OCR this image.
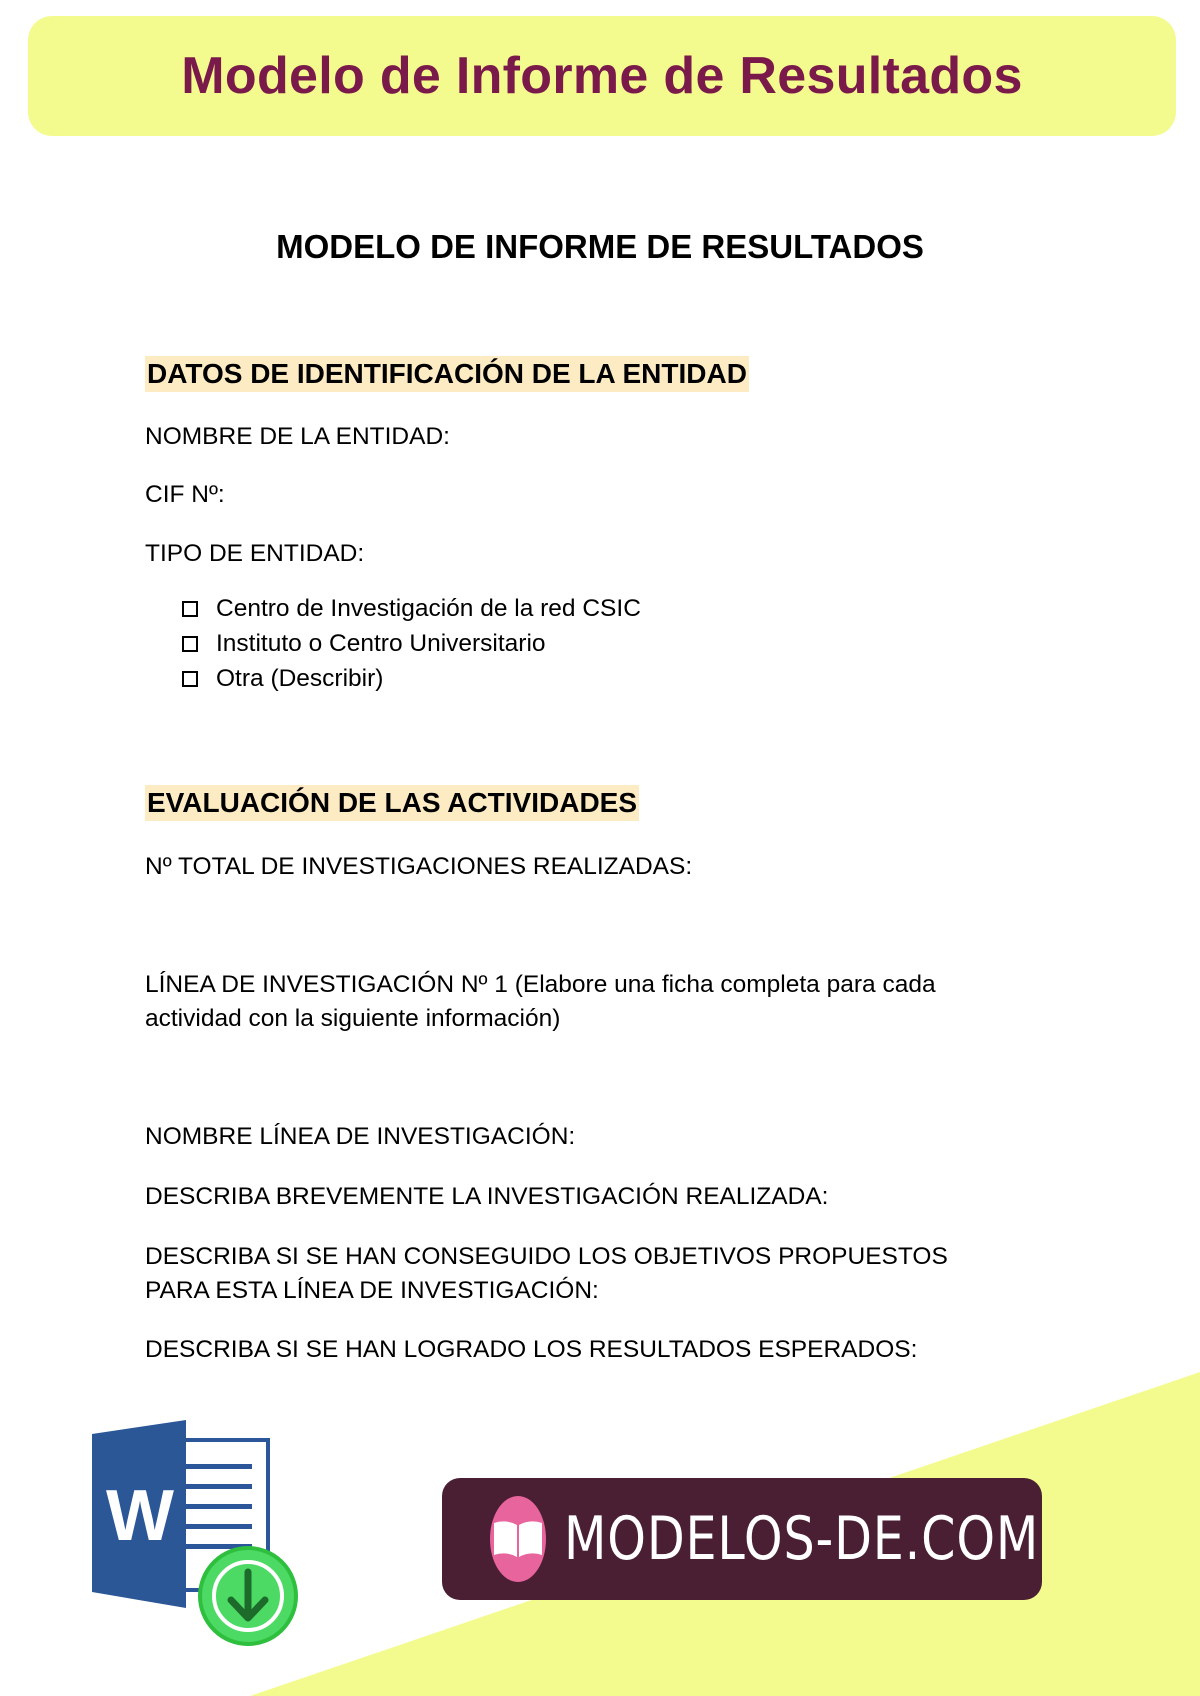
Modelo de Informe de Resultados
MODELO DE INFORME DE RESULTADOS
DATOS DE IDENTIFICACIÓN DE LA ENTIDAD
NOMBRE DE LA ENTIDAD:
CIF Nº:
TIPO DE ENTIDAD:
Centro de Investigación de la red CSIC
Instituto o Centro Universitario
Otra (Describir)
EVALUACIÓN DE LAS ACTIVIDADES
Nº TOTAL DE INVESTIGACIONES REALIZADAS:
LÍNEA DE INVESTIGACIÓN Nº 1 (Elabore una ficha completa para cada
actividad con la siguiente información)
NOMBRE LÍNEA DE INVESTIGACIÓN:
DESCRIBA BREVEMENTE LA INVESTIGACIÓN REALIZADA:
DESCRIBA SI SE HAN CONSEGUIDO LOS OBJETIVOS PROPUESTOS
PARA ESTA LÍNEA DE INVESTIGACIÓN:
DESCRIBA SI SE HAN LOGRADO LOS RESULTADOS ESPERADOS:
W	MODELOS-DE.COM
